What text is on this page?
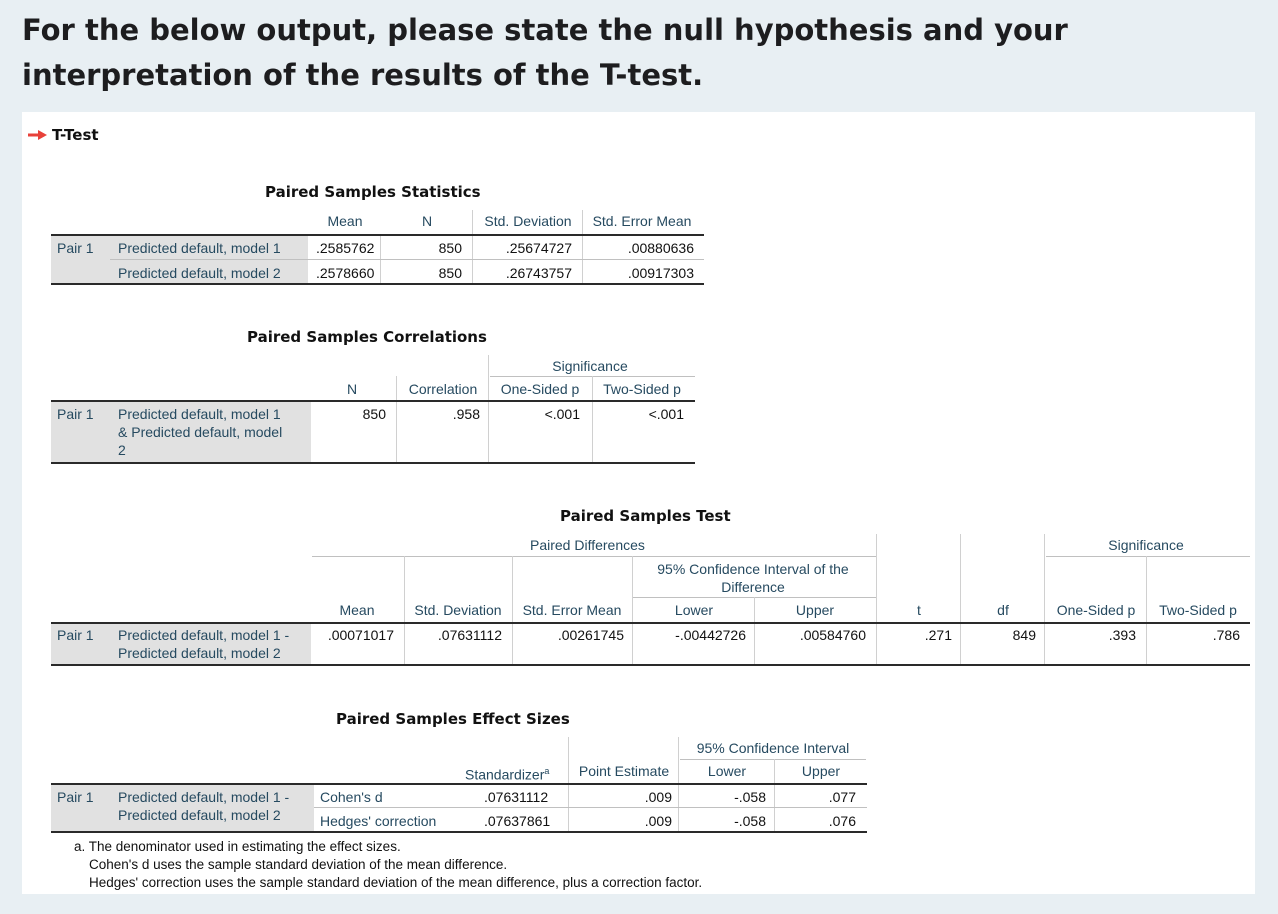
For the below output, please state the null hypothesis and your interpretation of the results of the T-test.
T-Test
Paired Samples Statistics
Mean	N	Std. Deviation	Std. Error Mean
Pair 1 Predicted default, model 1	.2585762	850	.25674727	.00880636
Predicted default, model 2	.2578660	850	.26743757	.00917303
Paired Samples Correlations
Significance
N	Correlation	One-Sided p	Two-Sided p
Pair 1 Predicted default, model 1
& Predicted default, model
2
850	.958	<.001	<.001
Paired Samples Test
Paired Differences	Significance
95% Confidence Interval of the
Difference
Mean	Std. Deviation	Std. Error Mean	Lower	Upper	t	df	One-Sided p	Two-Sided p
Pair 1 Predicted default, model 1 -
Predicted default, model 2
.00071017	.07631112	.00261745	-.00442726	.00584760	.271	849	.393	.786
Paired Samples Effect Sizes
95% Confidence Interval
Standardizer$^a$	Point Estimate	Lower	Upper
Pair 1 Predicted default, model 1 -
Predicted default, model 2
Cohen's d	.07631112	.009	-.058	.077
Hedges' correction	.07637861	.009	-.058	.076
a. The denominator used in estimating the effect sizes.
Cohen's d uses the sample standard deviation of the mean difference.
Hedges' correction uses the sample standard deviation of the mean difference, plus a correction factor.
